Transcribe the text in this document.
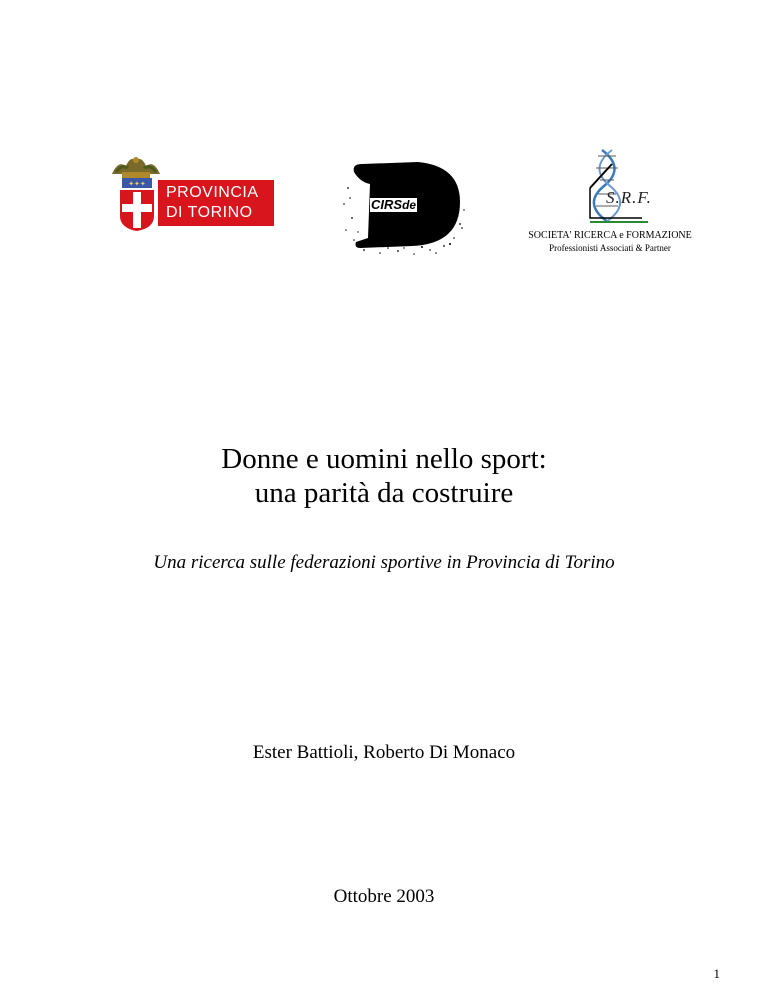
✦✦✦ PROVINCIA
DI TORINO	CIRSde	S.R.F.
SOCIETA' RICERCA e FORMAZIONE
Professionisti Associati & Partner
Donne e uomini nello sport:
una parità da costruire

Una ricerca sulle federazioni sportive in Provincia di Torino

Ester Battioli, Roberto Di Monaco

Ottobre 2003

1
